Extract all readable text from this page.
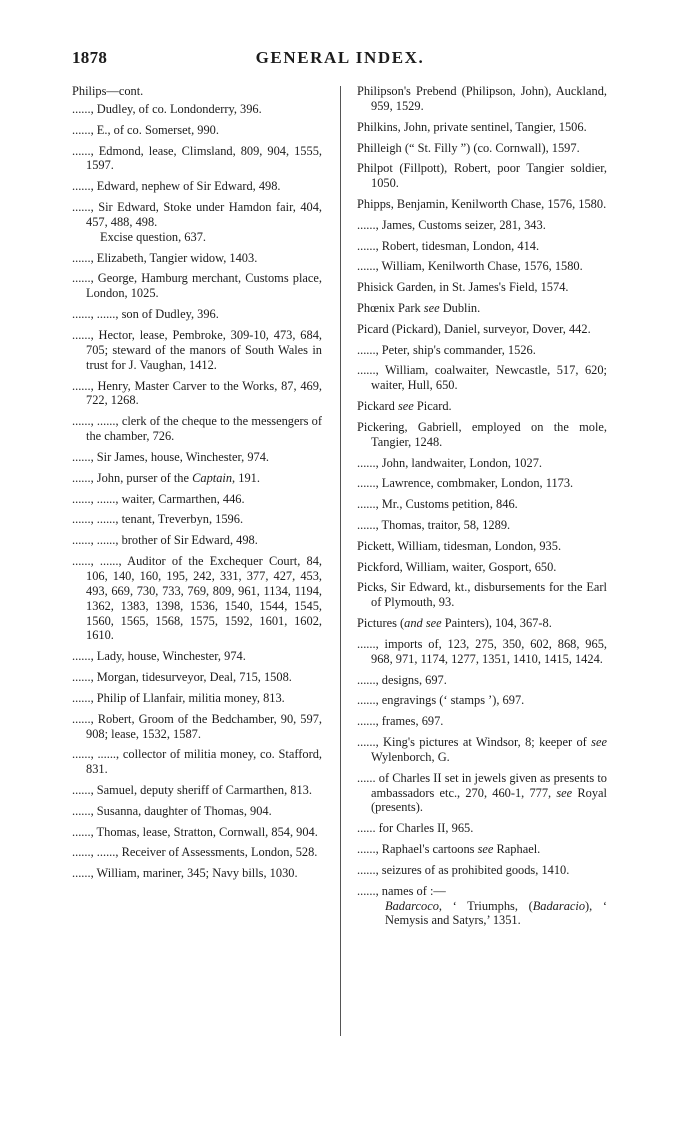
1878	GENERAL INDEX.
Philips—cont.
......, Dudley, of co. Londonderry, 396.
......, E., of co. Somerset, 990.
......, Edmond, lease, Climsland, 809, 904, 1555, 1597.
......, Edward, nephew of Sir Edward, 498.
......, Sir Edward, Stoke under Hamdon fair, 404, 457, 488, 498.
Excise question, 637.
......, Elizabeth, Tangier widow, 1403.
......, George, Hamburg merchant, Customs place, London, 1025.
......, ......, son of Dudley, 396.
......, Hector, lease, Pembroke, 309-10, 473, 684, 705; steward of the manors of South Wales in trust for J. Vaughan, 1412.
......, Henry, Master Carver to the Works, 87, 469, 722, 1268.
......, ......, clerk of the cheque to the messengers of the chamber, 726.
......, Sir James, house, Winchester, 974.
......, John, purser of the Captain, 191.
......, ......, waiter, Carmarthen, 446.
......, ......, tenant, Treverbyn, 1596.
......, ......, brother of Sir Edward, 498.
......, ......, Auditor of the Exchequer Court, 84, 106, 140, 160, 195, 242, 331, 377, 427, 453, 493, 669, 730, 733, 769, 809, 961, 1134, 1194, 1362, 1383, 1398, 1536, 1540, 1544, 1545, 1560, 1565, 1568, 1575, 1592, 1601, 1602, 1610.
......, Lady, house, Winchester, 974.
......, Morgan, tidesurveyor, Deal, 715, 1508.
......, Philip of Llanfair, militia money, 813.
......, Robert, Groom of the Bedchamber, 90, 597, 908; lease, 1532, 1587.
......, ......, collector of militia money, co. Stafford, 831.
......, Samuel, deputy sheriff of Carmarthen, 813.
......, Susanna, daughter of Thomas, 904.
......, Thomas, lease, Stratton, Cornwall, 854, 904.
......, ......, Receiver of Assessments, London, 528.
......, William, mariner, 345; Navy bills, 1030.
Philipson's Prebend (Philipson, John), Auckland, 959, 1529.
Philkins, John, private sentinel, Tangier, 1506.
Philleigh (“ St. Filly ”) (co. Cornwall), 1597.
Philpot (Fillpott), Robert, poor Tangier soldier, 1050.
Phipps, Benjamin, Kenilworth Chase, 1576, 1580.
......, James, Customs seizer, 281, 343.
......, Robert, tidesman, London, 414.
......, William, Kenilworth Chase, 1576, 1580.
Phisick Garden, in St. James's Field, 1574.
Phœnix Park see Dublin.
Picard (Pickard), Daniel, surveyor, Dover, 442.
......, Peter, ship's commander, 1526.
......, William, coalwaiter, Newcastle, 517, 620; waiter, Hull, 650.
Pickard see Picard.
Pickering, Gabriell, employed on the mole, Tangier, 1248.
......, John, landwaiter, London, 1027.
......, Lawrence, combmaker, London, 1173.
......, Mr., Customs petition, 846.
......, Thomas, traitor, 58, 1289.
Pickett, William, tidesman, London, 935.
Pickford, William, waiter, Gosport, 650.
Picks, Sir Edward, kt., disbursements for the Earl of Plymouth, 93.
Pictures (and see Painters), 104, 367-8.
......, imports of, 123, 275, 350, 602, 868, 965, 968, 971, 1174, 1277, 1351, 1410, 1415, 1424.
......, designs, 697.
......, engravings (‘ stamps ’), 697.
......, frames, 697.
......, King's pictures at Windsor, 8; keeper of see Wylenborch, G.
...... of Charles II set in jewels given as presents to ambassadors etc., 270, 460-1, 777, see Royal (presents).
...... for Charles II, 965.
......, Raphael's cartoons see Raphael.
......, seizures of as prohibited goods, 1410.
......, names of :—
Badarcoco, ‘ Triumphs, (Badaracio), ‘ Nemysis and Satyrs,’ 1351.
